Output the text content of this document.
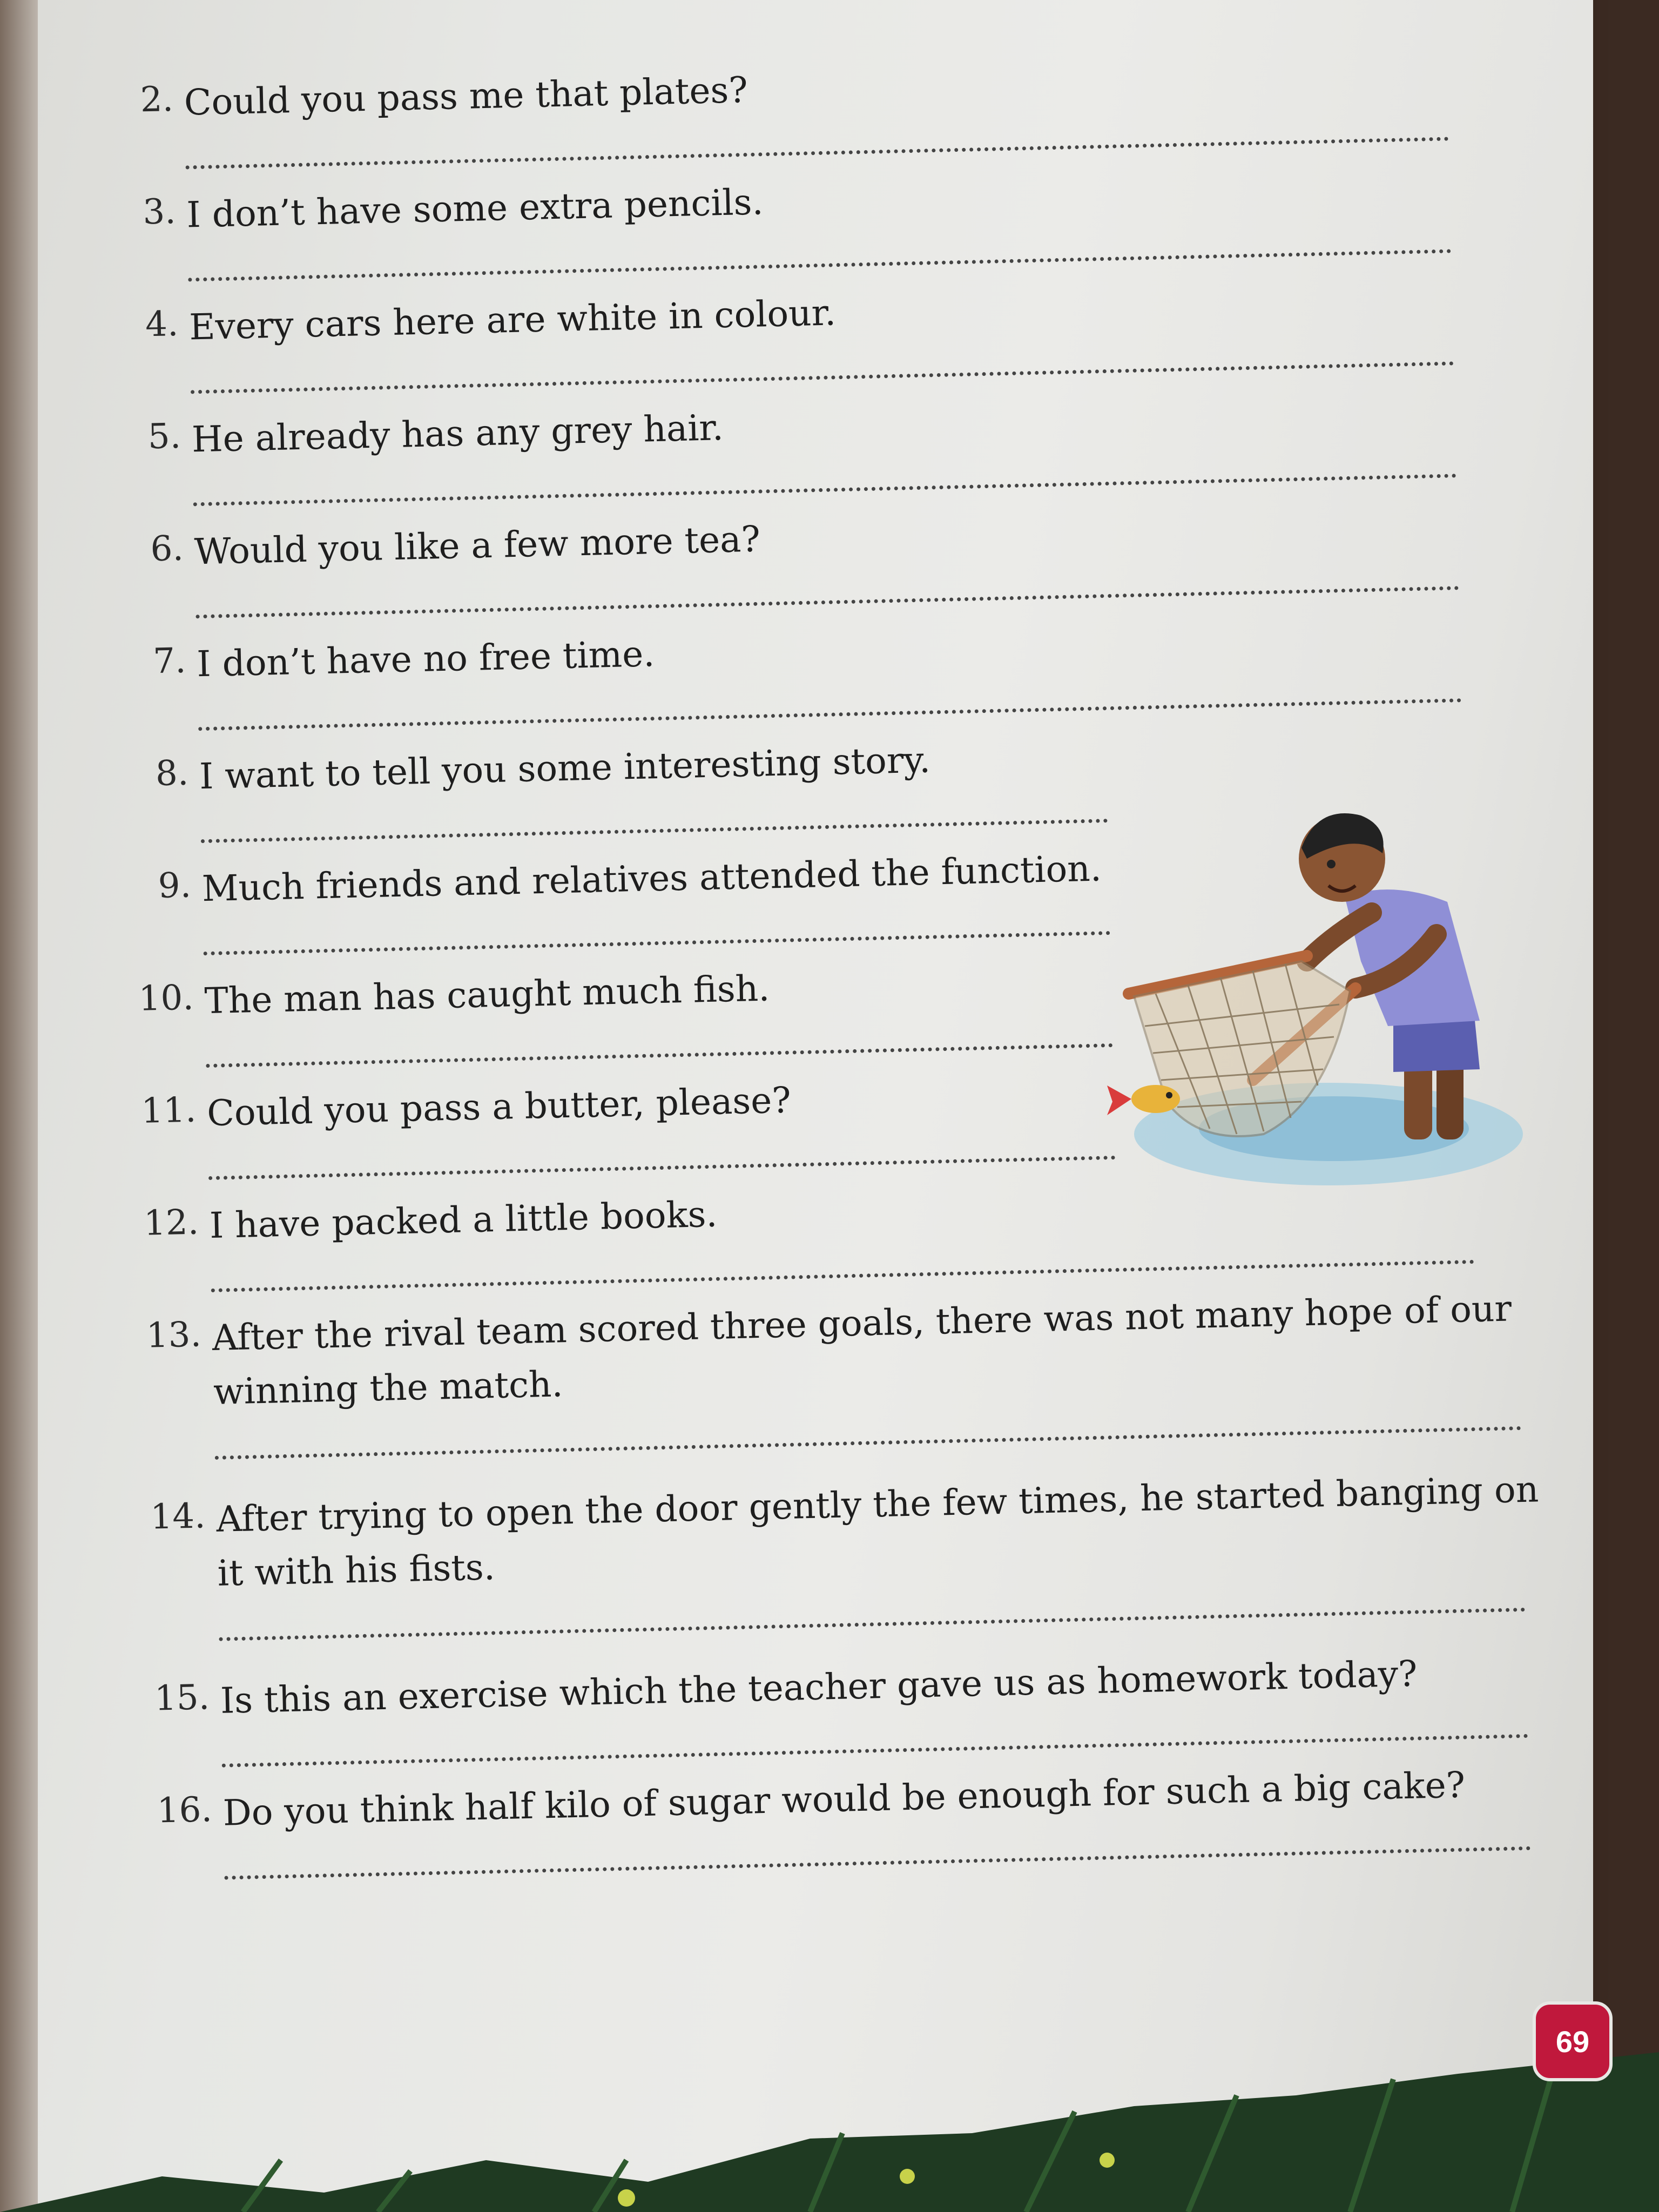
2. Could you pass me that plates?
3. I don’t have some extra pencils.
4. Every cars here are white in colour.
5. He already has any grey hair.
6. Would you like a few more tea?
7. I don’t have no free time.
8. I want to tell you some interesting story.
9. Much friends and relatives attended the function.
10. The man has caught much fish.
11. Could you pass a butter, please?
12. I have packed a little books.
13. After the rival team scored three goals, there was not many hope of our winning the match.
14. After trying to open the door gently the few times, he started banging on it with his fists.
15. Is this an exercise which the teacher gave us as homework today?
16. Do you think half kilo of sugar would be enough for such a big cake?
69
